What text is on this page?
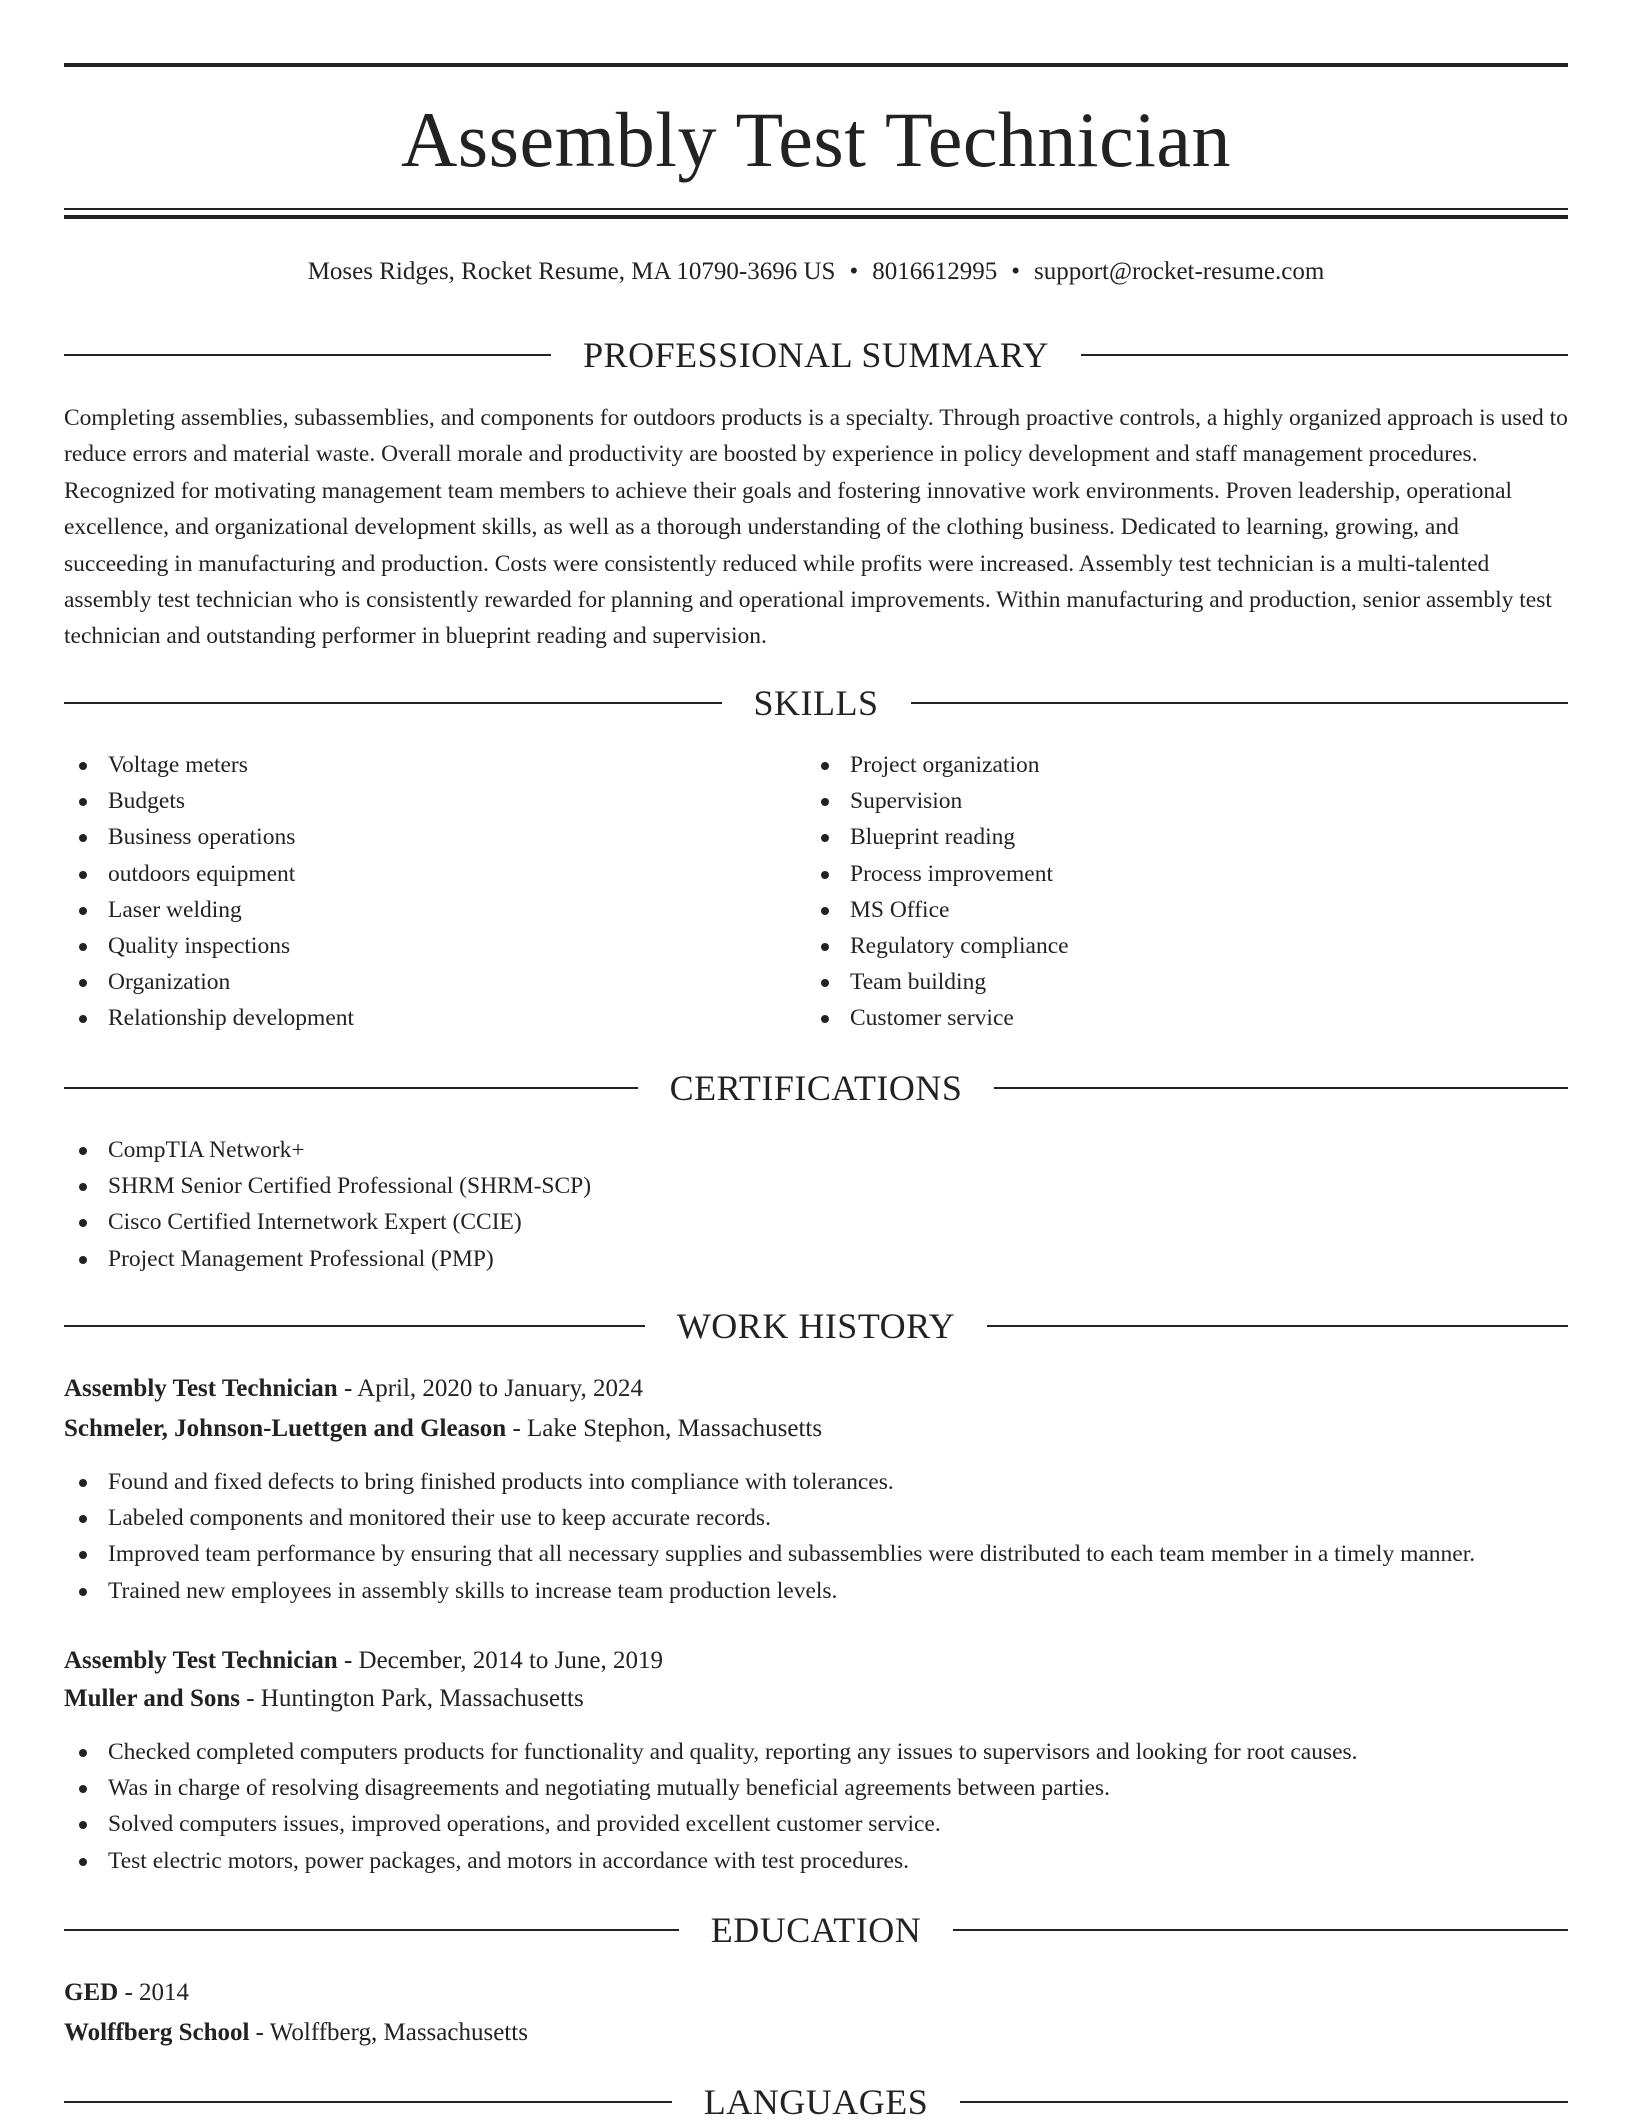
Assembly Test Technician
Moses Ridges, Rocket Resume, MA 10790-3696 US • 8016612995 • support@rocket-resume.com
PROFESSIONAL SUMMARY

Completing assemblies, subassemblies, and components for outdoors products is a specialty. Through proactive controls, a highly organized approach is used to reduce errors and material waste. Overall morale and productivity are boosted by experience in policy development and staff management procedures. Recognized for motivating management team members to achieve their goals and fostering innovative work environments. Proven leadership, operational excellence, and organizational development skills, as well as a thorough understanding of the clothing business. Dedicated to learning, growing, and succeeding in manufacturing and production. Costs were consistently reduced while profits were increased. Assembly test technician is a multi-talented assembly test technician who is consistently rewarded for planning and operational improvements. Within manufacturing and production, senior assembly test technician and outstanding performer in blueprint reading and supervision.

SKILLS
Voltage meters
Budgets
Business operations
outdoors equipment
Laser welding
Quality inspections
Organization
Relationship development
Project organization
Supervision
Blueprint reading
Process improvement
MS Office
Regulatory compliance
Team building
Customer service
CERTIFICATIONS
CompTIA Network+
SHRM Senior Certified Professional (SHRM-SCP)
Cisco Certified Internetwork Expert (CCIE)
Project Management Professional (PMP)
WORK HISTORY
Assembly Test Technician - April, 2020 to January, 2024
Schmeler, Johnson-Luettgen and Gleason - Lake Stephon, Massachusetts
Found and fixed defects to bring finished products into compliance with tolerances.
Labeled components and monitored their use to keep accurate records.
Improved team performance by ensuring that all necessary supplies and subassemblies were distributed to each team member in a timely manner.
Trained new employees in assembly skills to increase team production levels.
Assembly Test Technician - December, 2014 to June, 2019
Muller and Sons - Huntington Park, Massachusetts
Checked completed computers products for functionality and quality, reporting any issues to supervisors and looking for root causes.
Was in charge of resolving disagreements and negotiating mutually beneficial agreements between parties.
Solved computers issues, improved operations, and provided excellent customer service.
Test electric motors, power packages, and motors in accordance with test procedures.
EDUCATION
GED - 2014
Wolffberg School - Wolffberg, Massachusetts
LANGUAGES
